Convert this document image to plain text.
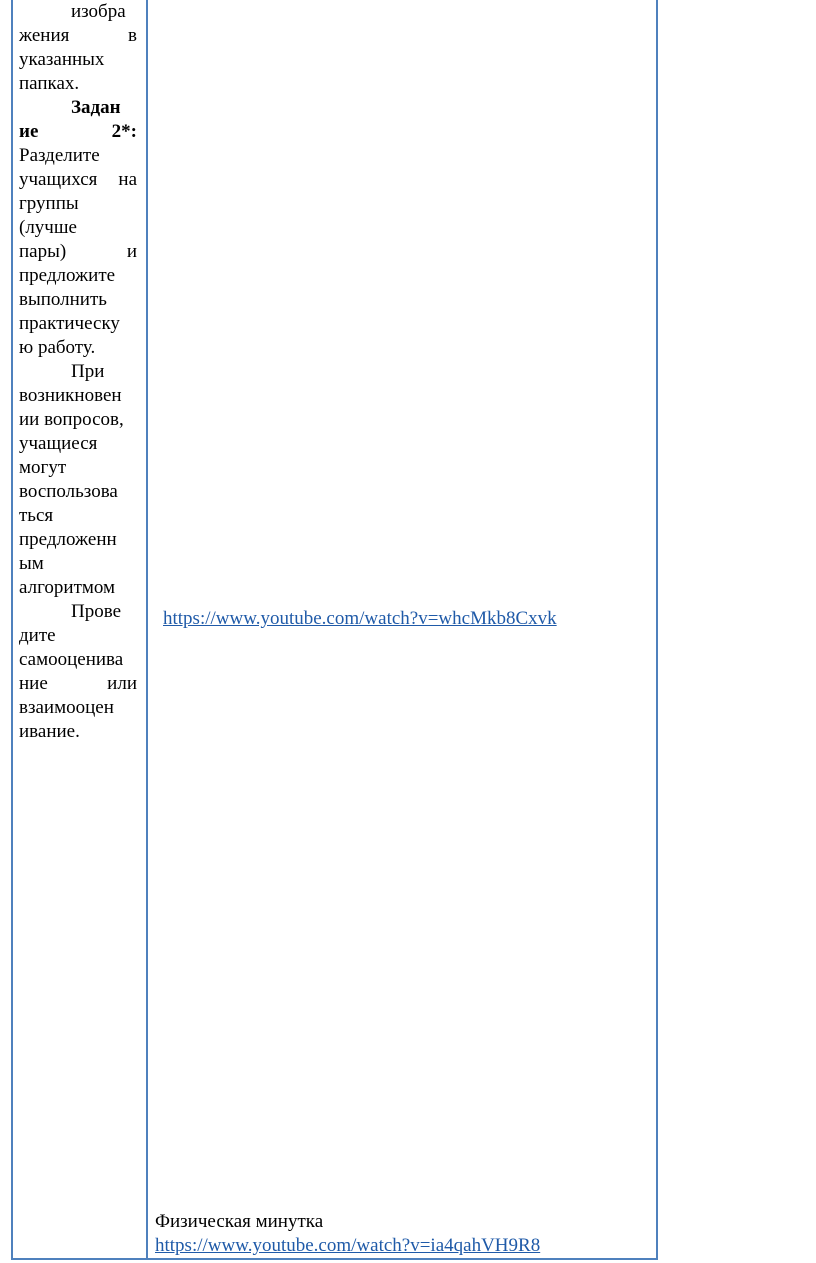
изобра
жения в
указанных
папках.
Задан
ие 2*:
Разделите
учащихся на
группы
(лучше
пары) и
предложите
выполнить
практическу
ю работу.
При
возникновен
ии вопросов,
учащиеся
могут
воспользова
ться
предложенн
ым
алгоритмом
Прове
дите
самооценива
ние или
взаимооцен
ивание.
https://www.youtube.com/watch?v=whcMkb8Cxvk
Физическая минутка
https://www.youtube.com/watch?v=ia4qahVH9R8
